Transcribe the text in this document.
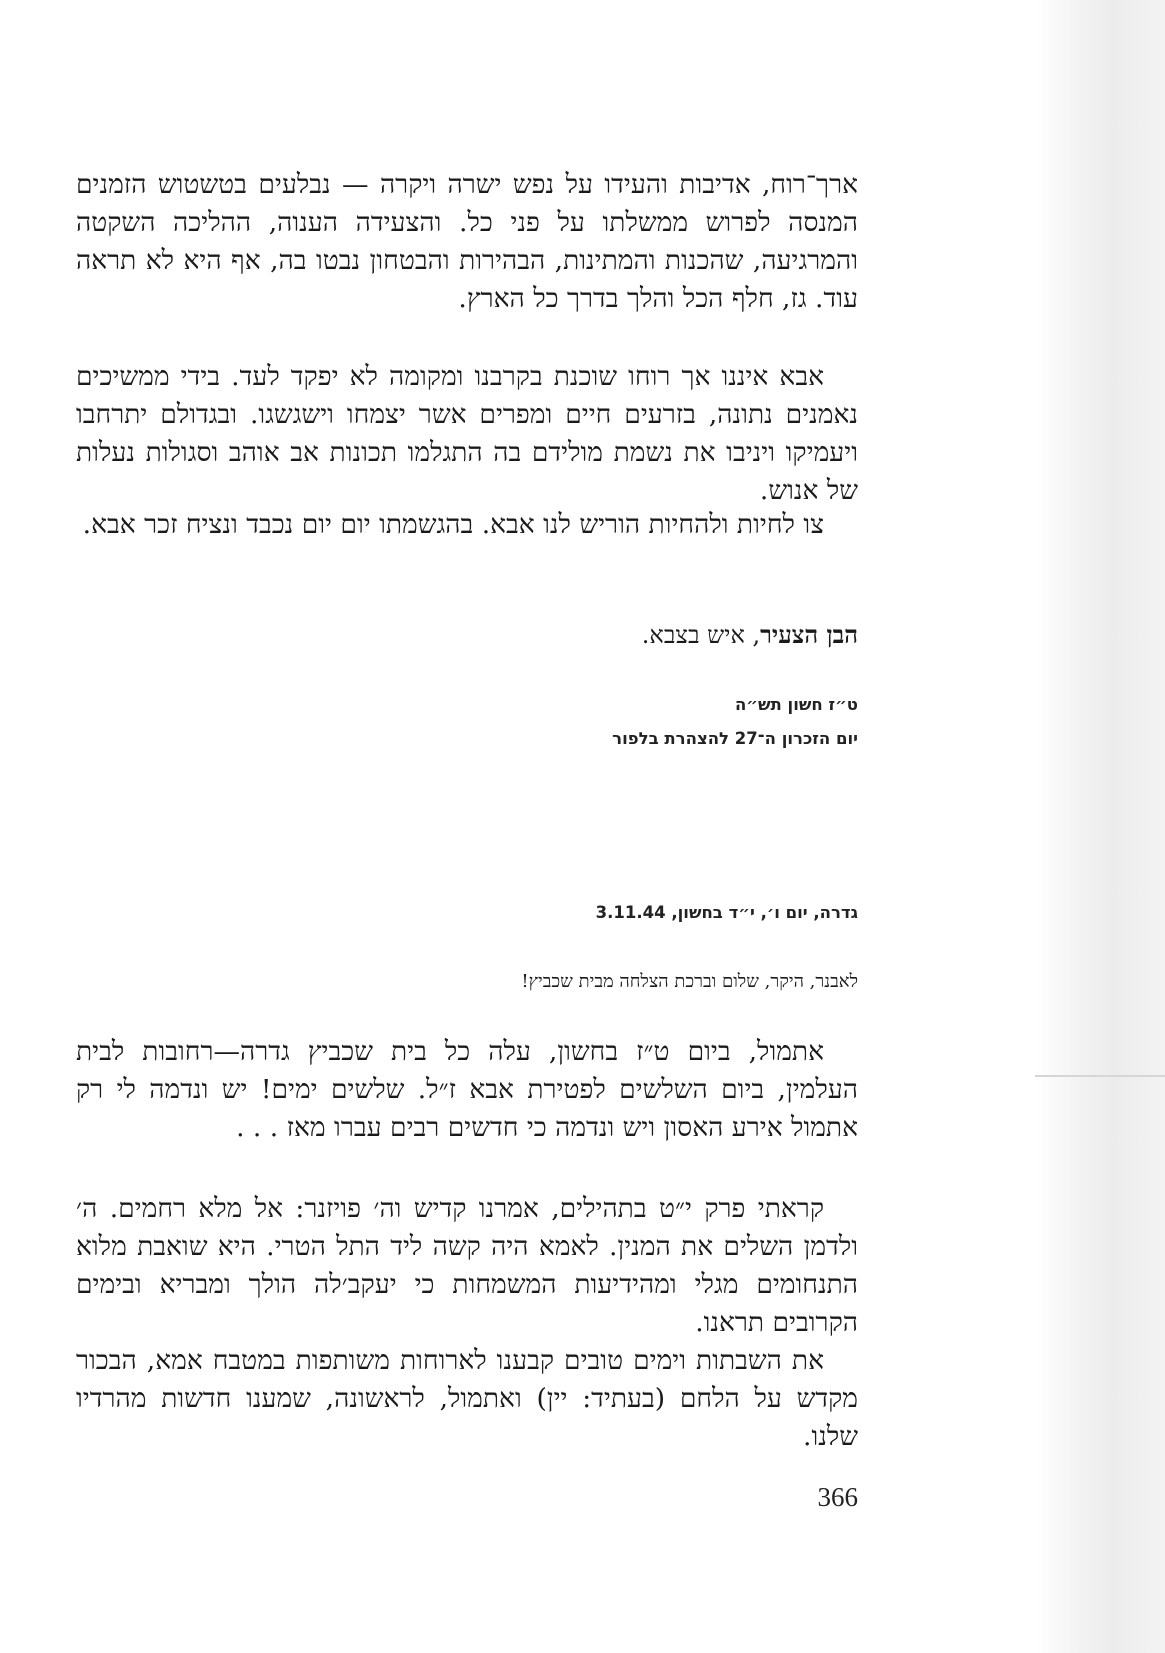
ארך־רוח, אדיבות והעידו על נפש ישרה ויקרה — נבלעים בטשטוש הזמנים המנסה לפרוש ממשלתו על פני כל. והצעידה הענוה, ההליכה השקטה והמרגיעה, שהכנות והמתינות, הבהירות והבטחון נבטו בה, אף היא לא תראה עוד. גז, חלף הכל והלך בדרך כל הארץ.

אבא איננו אך רוחו שוכנת בקרבנו ומקומה לא יפקד לעד. בידי ממשיכים נאמנים נתונה, בזרעים חיים ומפרים אשר יצמחו וישגשגו. ובגדולם יתרחבו ויעמיקו ויניבו את נשמת מולידם בה התגלמו תכונות אב אוהב וסגולות נעלות של אנוש.

צו לחיות ולהחיות הוריש לנו אבא. בהגשמתו יום יום נכבד ונציח זכר אבא.

הבן הצעיר, איש בצבא.

ט״ז חשון תש״ה
יום הזכרון ה־27 להצהרת בלפור

גדרה, יום ו׳, י״ד בחשון, 3.11.44

לאבנר, היקר, שלום וברכת הצלחה מבית שכביץ!

אתמול, ביום ט״ז בחשון, עלה כל בית שכביץ גדרה—רחובות לבית העלמין, ביום השלשים לפטירת אבא ז״ל. שלשים ימים! יש ונדמה לי רק אתמול אירע האסון ויש ונדמה כי חדשים רבים עברו מאז . . .

קראתי פרק י״ט בתהילים, אמרנו קדיש וה׳ פויזנר: אל מלא רחמים. ה׳ ולדמן השלים את המנין. לאמא היה קשה ליד התל הטרי. היא שואבת מלוא התנחומים מגלי ומהידיעות המשמחות כי יעקב׳לה הולך ומבריא ובימים הקרובים תראנו.

את השבתות וימים טובים קבענו לארוחות משותפות במטבח אמא, הבכור מקדש על הלחם (בעתיד: יין) ואתמול, לראשונה, שמענו חדשות מהרדיו שלנו.

366
